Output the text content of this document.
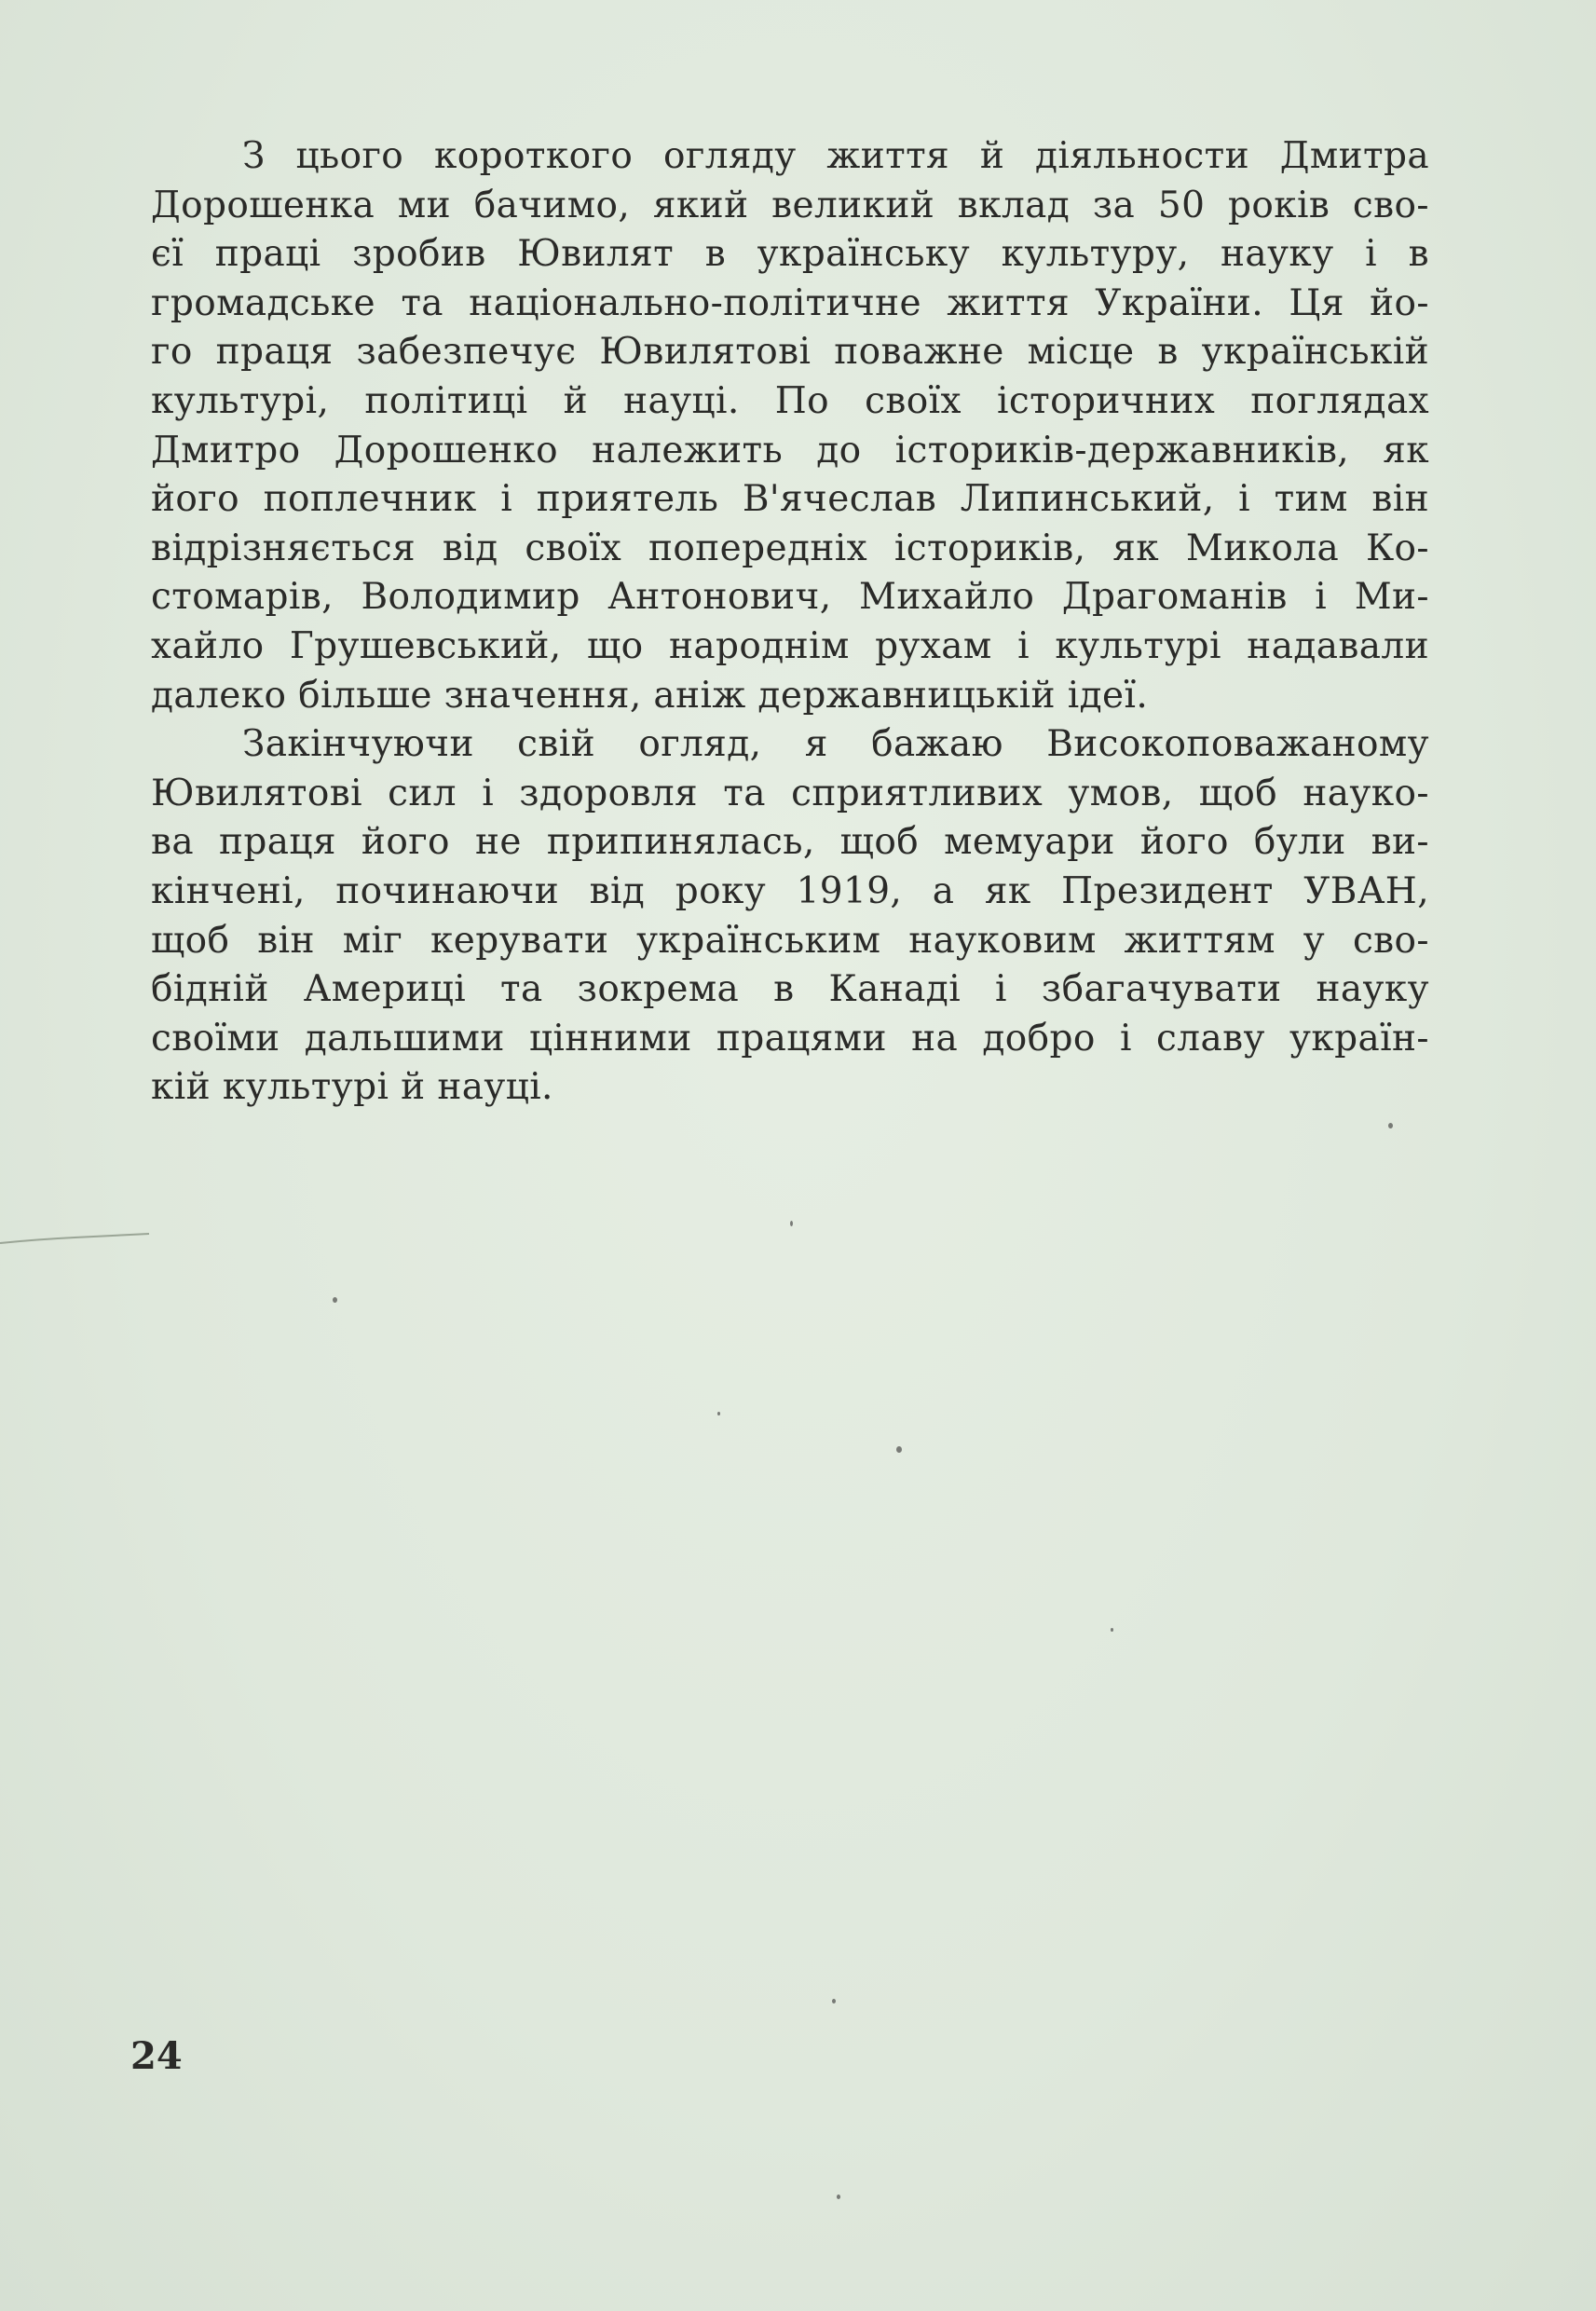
З цього короткого огляду життя й діяльности Дмитра
Дорошенка ми бачимо, який великий вклад за 50 років сво-
єї праці зробив Ювилят в українську культуру, науку і в
громадське та національно-політичне життя України. Ця йо-
го праця забезпечує Ювилятові поважне місце в українській
культурі, політиці й науці. По своїх історичних поглядах
Дмитро Дорошенко належить до істориків-державників, як
його поплечник і приятель В'ячеслав Липинський, і тим він
відрізняється від своїх попередніх істориків, як Микола Ко-
стомарів, Володимир Антонович, Михайло Драгоманів і Ми-
хайло Грушевський, що народнім рухам і культурі надавали
далеко більше значення, аніж державницькій ідеї.
Закінчуючи свій огляд, я бажаю Високоповажаному
Ювилятові сил і здоровля та сприятливих умов, щоб науко-
ва праця його не припинялась, щоб мемуари його були ви-
кінчені, починаючи від року 1919, а як Президент УВАН,
щоб він міг керувати українським науковим життям у сво-
бідній Америці та зокрема в Канаді і збагачувати науку
своїми дальшими цінними працями на добро і славу україн-
кій культурі й науці.
24
